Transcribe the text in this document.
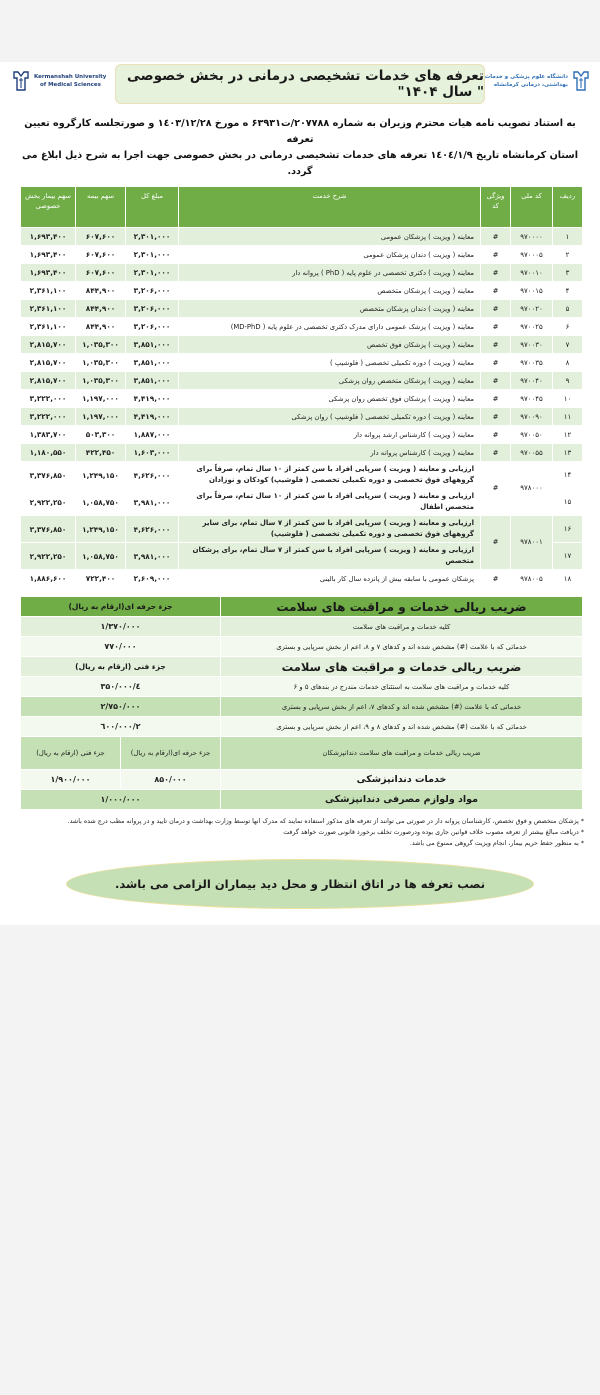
Kermanshah University
of Medical Sciences
تعرفه های خدمات تشخیصی درمانی در بخش خصوصی " سال ۱۴۰۴"
دانشگاه علوم پزشکی و خدمات
بهداشتی، درمانی کرمانشاه
به استناد تصویب نامه هیات محترم وزیران به شماره ۲۰۷۷۸۸/ت۶۳۹۳۱ ه مورخ ۱٤۰۳/۱۲/۲۸ و صورتجلسه کارگروه تعیین تعرفه
استان کرمانشاه تاریخ ۱٤۰٤/۱/۹ تعرفه های خدمات تشخیصی درمانی در بخش خصوصی جهت اجرا به شرح ذیل ابلاغ می گردد.
ردیف	کد ملی	ویژگی کد	شرح خدمت	مبلغ کل	سهم بیمه	سهم بیمار بخش خصوصی
۱	۹۷۰۰۰۰	#	معاینه ( ویزیت ) پزشکان عمومی	۲,۳۰۱,۰۰۰	۶۰۷,۶۰۰	۱,۶۹۳,۴۰۰
۲	۹۷۰۰۰۵	#	معاینه ( ویزیت ) دندان پزشکان عمومی	۲,۳۰۱,۰۰۰	۶۰۷,۶۰۰	۱,۶۹۳,۴۰۰
۳	۹۷۰۰۱۰	#	معاینه ( ویزیت ) دکتری تخصصی در علوم پایه ( PhD ) پروانه دار	۲,۳۰۱,۰۰۰	۶۰۷,۶۰۰	۱,۶۹۳,۴۰۰
۴	۹۷۰۰۱۵	#	معاینه ( ویزیت ) پزشکان متخصص	۳,۲۰۶,۰۰۰	۸۴۴,۹۰۰	۲,۳۶۱,۱۰۰
۵	۹۷۰۰۲۰	#	معاینه ( ویزیت ) دندان پزشکان متخصص	۳,۲۰۶,۰۰۰	۸۴۴,۹۰۰	۲,۳۶۱,۱۰۰
۶	۹۷۰۰۲۵	#	معاینه ( ویزیت ) پزشک عمومی دارای مدرک دکتری تخصصی در علوم پایه ( MD-PhD)	۳,۲۰۶,۰۰۰	۸۴۴,۹۰۰	۲,۳۶۱,۱۰۰
۷	۹۷۰۰۳۰	#	معاینه ( ویزیت ) پزشکان فوق تخصص	۳,۸۵۱,۰۰۰	۱,۰۳۵,۳۰۰	۲,۸۱۵,۷۰۰
۸	۹۷۰۰۳۵	#	معاینه ( ویزیت ) دوره تکمیلی تخصصی ( فلوشیپ )	۳,۸۵۱,۰۰۰	۱,۰۳۵,۳۰۰	۲,۸۱۵,۷۰۰
۹	۹۷۰۰۴۰	#	معاینه ( ویزیت ) پزشکان متخصص روان پزشکی	۳,۸۵۱,۰۰۰	۱,۰۳۵,۳۰۰	۲,۸۱۵,۷۰۰
۱۰	۹۷۰۰۴۵	#	معاینه ( ویزیت ) پزشکان فوق تخصص روان پزشکی	۴,۴۱۹,۰۰۰	۱,۱۹۷,۰۰۰	۳,۲۲۲,۰۰۰
۱۱	۹۷۰۰۹۰	#	معاینه ( ویزیت ) دوره تکمیلی تخصصی ( فلوشیپ ) روان پزشکی	۴,۴۱۹,۰۰۰	۱,۱۹۷,۰۰۰	۳,۲۲۲,۰۰۰
۱۲	۹۷۰۰۵۰	#	معاینه ( ویزیت ) کارشناس ارشد پروانه دار	۱,۸۸۷,۰۰۰	۵۰۳,۳۰۰	۱,۳۸۳,۷۰۰
۱۳	۹۷۰۰۵۵	#	معاینه ( ویزیت ) کارشناس پروانه دار	۱,۶۰۳,۰۰۰	۴۲۲,۴۵۰	۱,۱۸۰,۵۵۰
۱۴	۹۷۸۰۰۰	#	ارزیابی و معاینه ( ویزیت ) سرپایی افراد با سن کمتر از ۱۰ سال تمام، صرفاً برای گروههای فوق تخصصی و دوره تکمیلی تخصصی ( فلوشیپ) کودکان و نوزادان	۴,۶۲۶,۰۰۰	۱,۲۴۹,۱۵۰	۳,۳۷۶,۸۵۰
۱۵			ارزیابی و معاینه ( ویزیت ) سرپایی افراد با سن کمتر از ۱۰ سال تمام، صرفاً برای متخصص اطفال	۳,۹۸۱,۰۰۰	۱,۰۵۸,۷۵۰	۲,۹۲۲,۲۵۰
۱۶	۹۷۸۰۰۱	#	ارزیابی و معاینه ( ویزیت ) سرپایی افراد با سن کمتر از ۷ سال تمام، برای سایر گروههای فوق تخصصی و دوره تکمیلی تخصصی ( فلوشیپ)	۴,۶۲۶,۰۰۰	۱,۲۴۹,۱۵۰	۳,۳۷۶,۸۵۰
۱۷			ارزیابی و معاینه ( ویزیت ) سرپایی افراد با سن کمتر از ۷ سال تمام، برای پزشکان متخصص	۳,۹۸۱,۰۰۰	۱,۰۵۸,۷۵۰	۲,۹۲۲,۲۵۰
۱۸	۹۷۸۰۰۵	#	پزشکان عمومی با سابقه بیش از پانزده سال کار بالینی	۲,۶۰۹,۰۰۰	۷۲۲,۴۰۰	۱,۸۸۶,۶۰۰
ضریب ریالی خدمات و مراقبت های سلامت	جزء حرفه ای(ارقام به ریال)	
کلیه خدمات و مراقبت های سلامت	۱/۳۷۰/۰۰۰	
خدماتی که با علامت (#) مشخص شده اند و کدهای ۷ و ۸، اعم از بخش سرپایی و بستری	۷۷۰/۰۰۰	
ضریب ریالی خدمات و مراقبت های سلامت	جزء فنی (ارقام به ریال)	
کلیه خدمات و مراقبت های سلامت به استثنای خدمات مندرج در بندهای ۵ و ۶	٤/۳۵۰/۰۰۰	
خدماتی که با علامت (#) مشخص شده اند و کدهای ۷، اعم از بخش سرپایی و بستری	۲/۷۵۰/۰۰۰	
خدماتی که با علامت (#) مشخص شده اند و کدهای ۸ و ۹، اعم از بخش سرپایی و بستری	۲/٦۰۰/۰۰۰	
ضریب ریالی خدمات و مراقبت های سلامت دندانپزشکان	جزء حرفه ای(ارقام به ریال)	جزء فنی (ارقام به ریال)
خدمات دندانپزشکی	۸۵۰/۰۰۰	۱/۹۰۰/۰۰۰
مواد ولوازم مصرفی دندانپزشکی	۱/۰۰۰/۰۰۰	

* پزشکان متخصص و فوق تخصص، کارشناسان پروانه دار در صورتی می توانند از تعرفه های مذکور استفاده نمایند که مدرک انها توسط وزارت بهداشت و درمان تایید و در پروانه مطب درج شده باشد.

* دریافت مبالغ بیشتر از تعرفه مصوب خلاف قوانین جاری بوده ودرصورت تخلف برخورد قانونی صورت خواهد گرفت

* به منظور حفظ حریم بیمار، انجام ویزیت گروهی ممنوع می باشد.

نصب تعرفه ها در اتاق انتظار و محل دید بیماران الزامی می باشد.
